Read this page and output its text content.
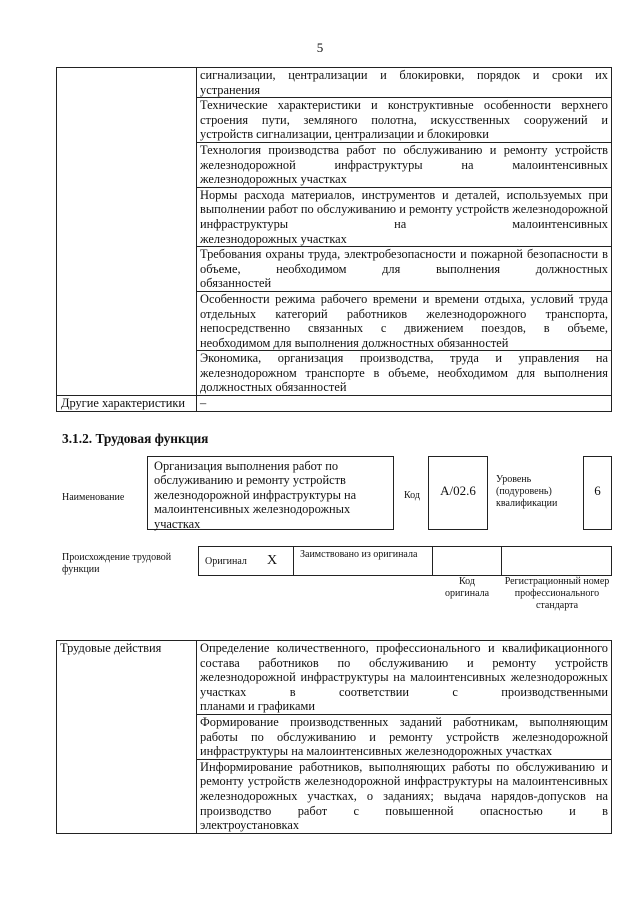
5

	сигнализации, централизации и блокировки, порядок и сроки их
устранения

	Технические характеристики и конструктивные особенности верхнего строения пути, земляного полотна, искусственных сооружений и
устройств сигнализации, централизации и блокировки

	Технология производства работ по обслуживанию и ремонту устройств железнодорожной инфраструктуры на малоинтенсивных
железнодорожных участках

	Нормы расхода материалов, инструментов и деталей, используемых при выполнении работ по обслуживанию и ремонту устройств железнодорожной инфраструктуры на малоинтенсивных
железнодорожных участках

	Требования охраны труда, электробезопасности и пожарной безопасности в объеме, необходимом для выполнения должностных
обязанностей

	Особенности режима рабочего времени и времени отдыха, условий труда отдельных категорий работников железнодорожного транспорта, непосредственно связанных с движением поездов, в объеме,
необходимом для выполнения должностных обязанностей

	Экономика, организация производства, труда и управления на железнодорожном транспорте в объеме, необходимом для выполнения
должностных обязанностей

Другие характеристики	–
3.1.2. Трудовая функция
Наименование
Организация выполнения работ по обслуживанию и ремонту устройств железнодорожной инфраструктуры на малоинтенсивных железнодорожных участках
Код	A/02.6
Уровень (подуровень) квалификации
6
Происхождение трудовой функции
Оригинал X Заимствовано из оригинала
Код оригинала
Регистрационный номер профессионального стандарта
Трудовые действия	Определение количественного, профессионального и квалификационного состава работников по обслуживанию и ремонту устройств железнодорожной инфраструктуры на малоинтенсивных железнодорожных участках в соответствии с производственными
планами и графиками

Формирование производственных заданий работникам, выполняющим работы по обслуживанию и ремонту устройств железнодорожной
инфраструктуры на малоинтенсивных железнодорожных участках

Информирование работников, выполняющих работы по обслуживанию и ремонту устройств железнодорожной инфраструктуры на малоинтенсивных железнодорожных участках, о заданиях; выдача нарядов-допусков на производство работ с повышенной опасностью и в
электроустановках
